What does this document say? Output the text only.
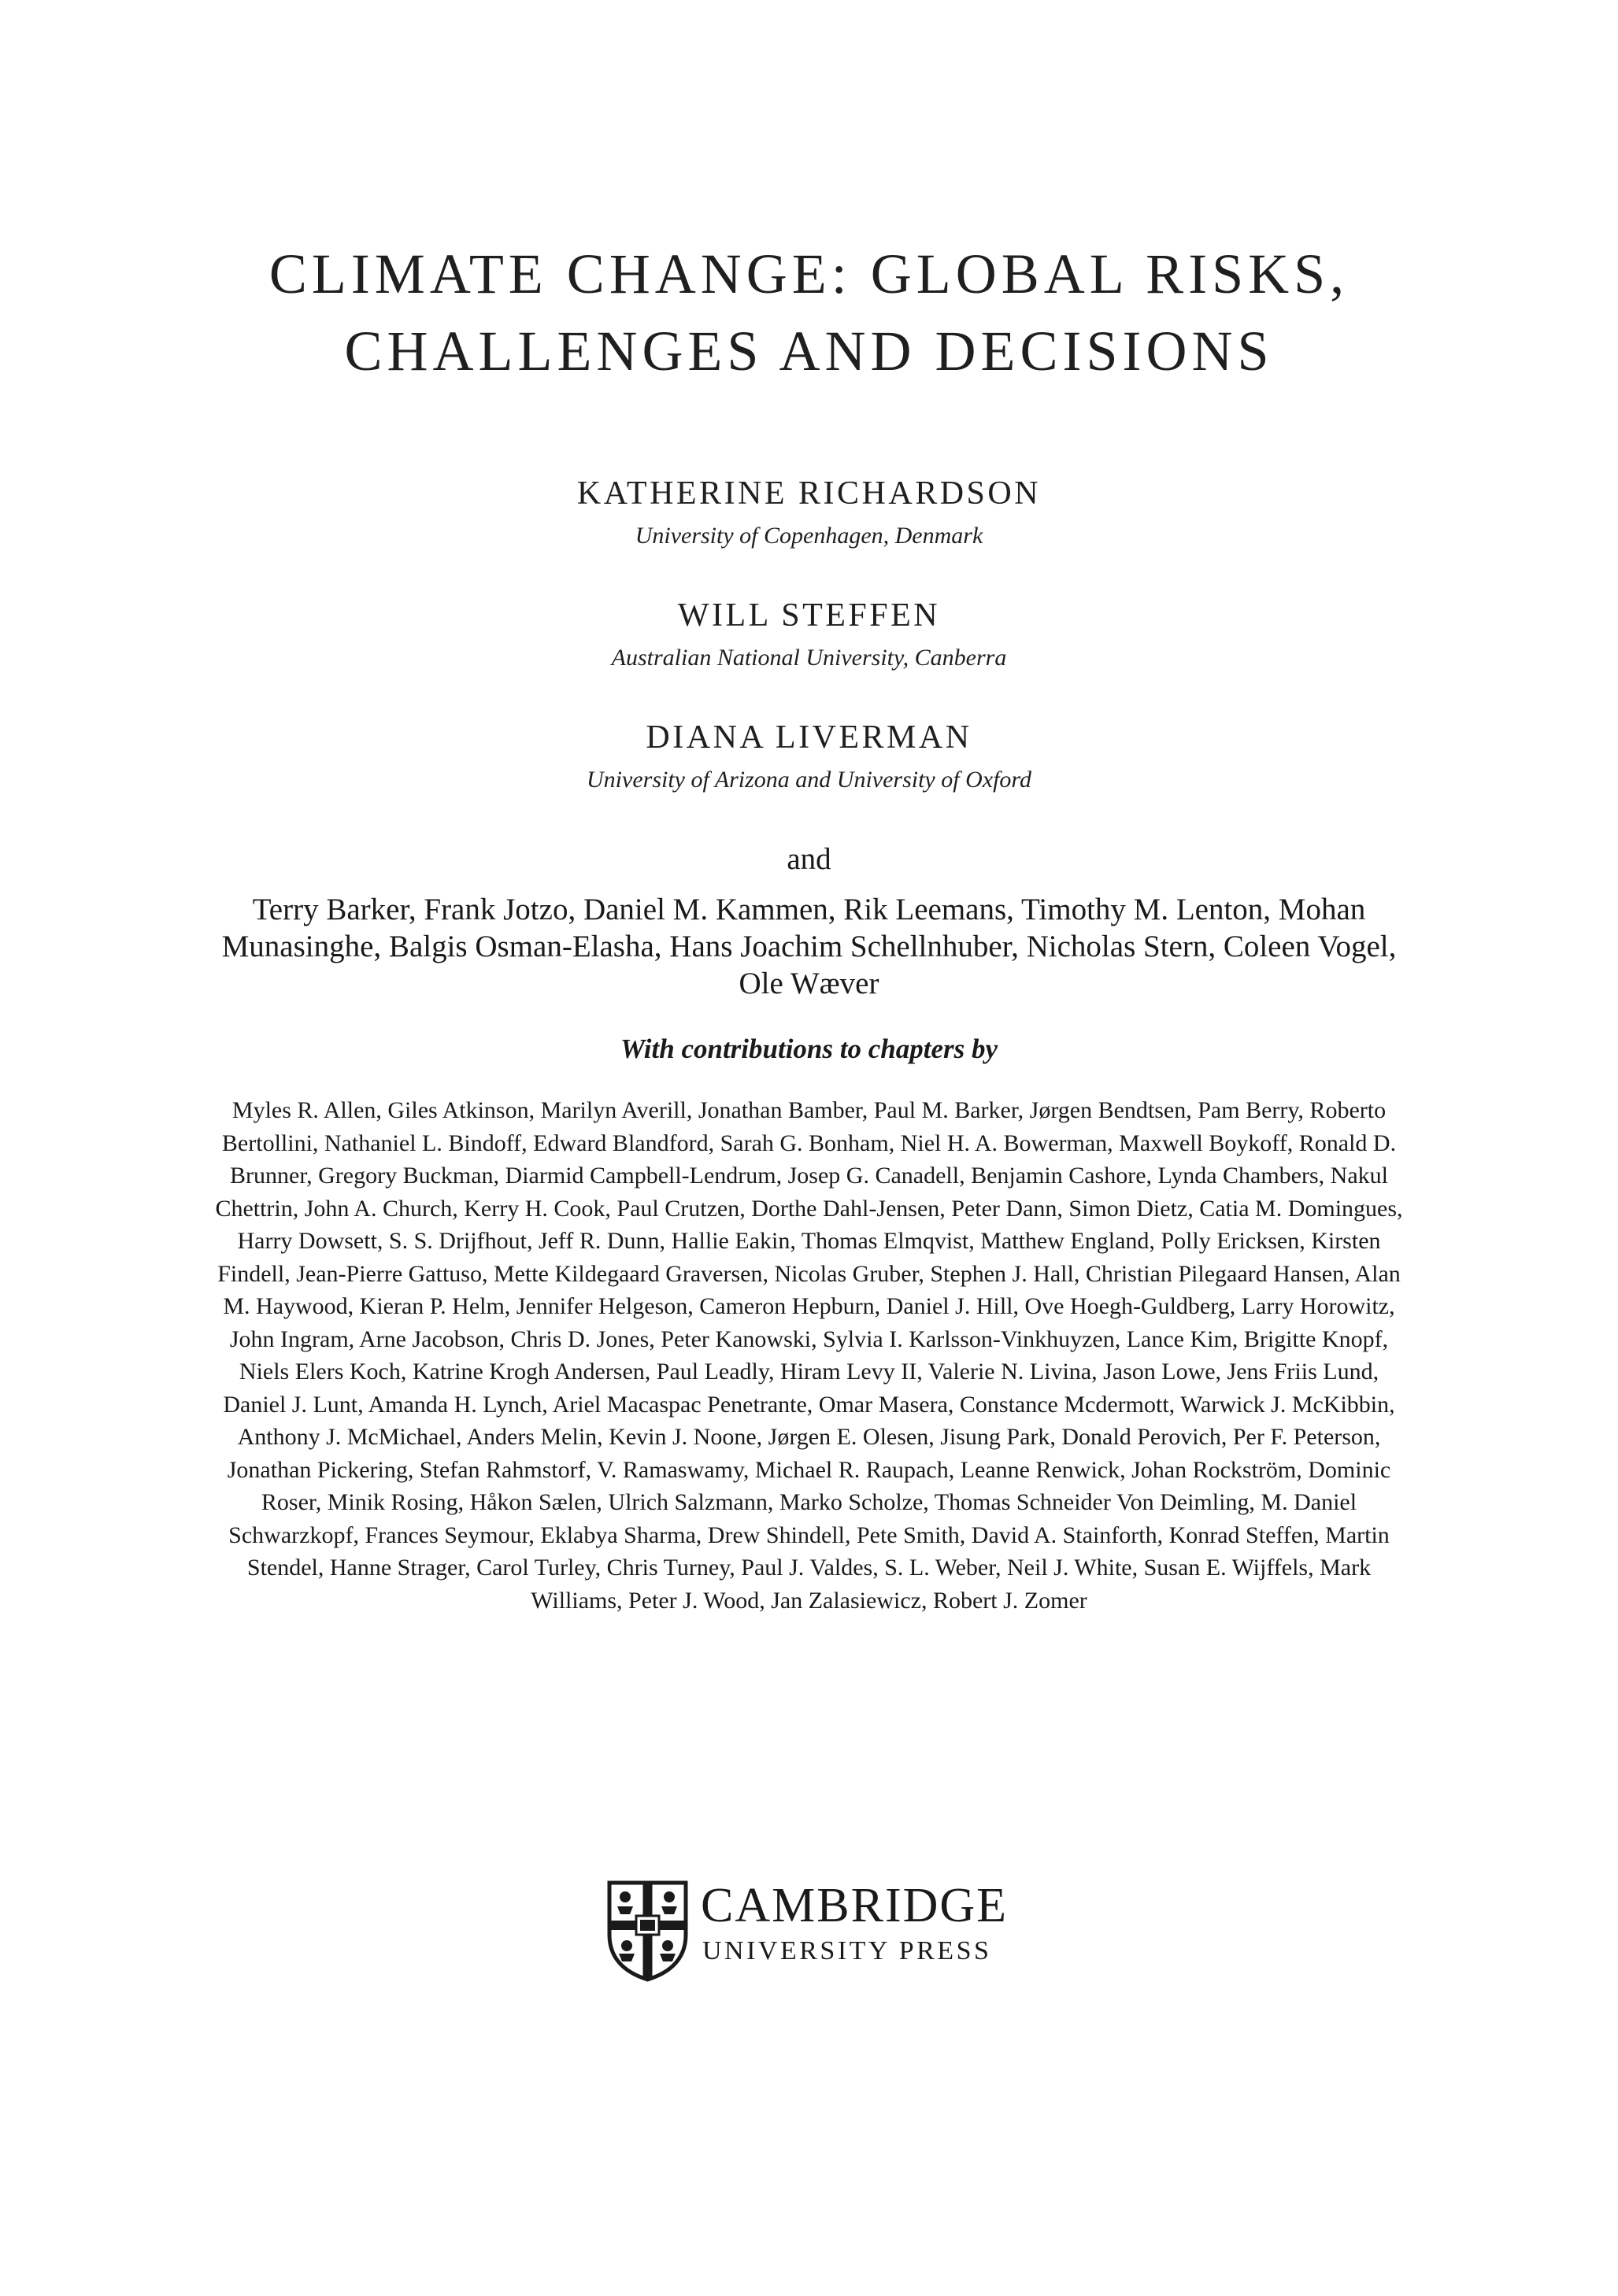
CLIMATE CHANGE: GLOBAL RISKS,
CHALLENGES AND DECISIONS
KATHERINE RICHARDSON
University of Copenhagen, Denmark
WILL STEFFEN
Australian National University, Canberra
DIANA LIVERMAN
University of Arizona and University of Oxford
and
Terry Barker, Frank Jotzo, Daniel M. Kammen, Rik Leemans, Timothy M. Lenton, Mohan Munasinghe, Balgis Osman-Elasha, Hans Joachim Schellnhuber, Nicholas Stern, Coleen Vogel, Ole Wæver
With contributions to chapters by
Myles R. Allen, Giles Atkinson, Marilyn Averill, Jonathan Bamber, Paul M. Barker, Jørgen Bendtsen, Pam Berry, Roberto Bertollini, Nathaniel L. Bindoff, Edward Blandford, Sarah G. Bonham, Niel H. A. Bowerman, Maxwell Boykoff, Ronald D. Brunner, Gregory Buckman, Diarmid Campbell-Lendrum, Josep G. Canadell, Benjamin Cashore, Lynda Chambers, Nakul Chettrin, John A. Church, Kerry H. Cook, Paul Crutzen, Dorthe Dahl-Jensen, Peter Dann, Simon Dietz, Catia M. Domingues, Harry Dowsett, S. S. Drijfhout, Jeff R. Dunn, Hallie Eakin, Thomas Elmqvist, Matthew England, Polly Ericksen, Kirsten Findell, Jean-Pierre Gattuso, Mette Kildegaard Graversen, Nicolas Gruber, Stephen J. Hall, Christian Pilegaard Hansen, Alan M. Haywood, Kieran P. Helm, Jennifer Helgeson, Cameron Hepburn, Daniel J. Hill, Ove Hoegh-Guldberg, Larry Horowitz, John Ingram, Arne Jacobson, Chris D. Jones, Peter Kanowski, Sylvia I. Karlsson-Vinkhuyzen, Lance Kim, Brigitte Knopf, Niels Elers Koch, Katrine Krogh Andersen, Paul Leadly, Hiram Levy II, Valerie N. Livina, Jason Lowe, Jens Friis Lund, Daniel J. Lunt, Amanda H. Lynch, Ariel Macaspac Penetrante, Omar Masera, Constance Mcdermott, Warwick J. McKibbin, Anthony J. McMichael, Anders Melin, Kevin J. Noone, Jørgen E. Olesen, Jisung Park, Donald Perovich, Per F. Peterson, Jonathan Pickering, Stefan Rahmstorf, V. Ramaswamy, Michael R. Raupach, Leanne Renwick, Johan Rockström, Dominic Roser, Minik Rosing, Håkon Sælen, Ulrich Salzmann, Marko Scholze, Thomas Schneider Von Deimling, M. Daniel Schwarzkopf, Frances Seymour, Eklabya Sharma, Drew Shindell, Pete Smith, David A. Stainforth, Konrad Steffen, Martin Stendel, Hanne Strager, Carol Turley, Chris Turney, Paul J. Valdes, S. L. Weber, Neil J. White, Susan E. Wijffels, Mark Williams, Peter J. Wood, Jan Zalasiewicz, Robert J. Zomer
CAMBRIDGE
UNIVERSITY PRESS
